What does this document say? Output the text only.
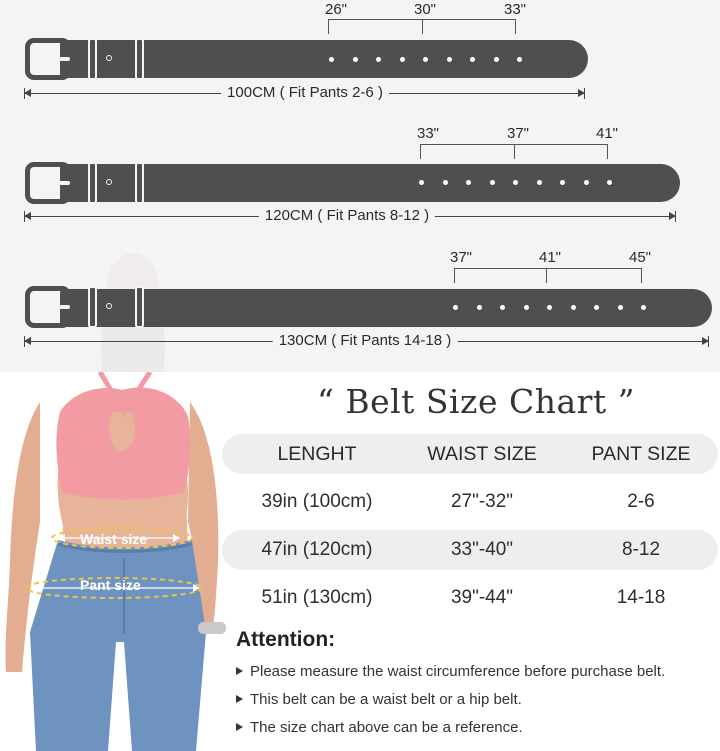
26"	30"	33"
100CM ( Fit Pants 2-6 )
33"	37"	41"
120CM ( Fit Pants 8-12 )
37"	41"	45"
130CM ( Fit Pants 14-18 )
Waist size
Pant size
“ Belt Size Chart ”
LENGHT	WAIST SIZE	PANT SIZE
39in (100cm)	27"-32"	2-6
47in (120cm)	33"-40"	8-12
51in (130cm)	39"-44"	14-18
Attention:
Please measure the waist circumference before purchase belt.
This belt can be a waist belt or a hip belt.
The size chart above can be a reference.
